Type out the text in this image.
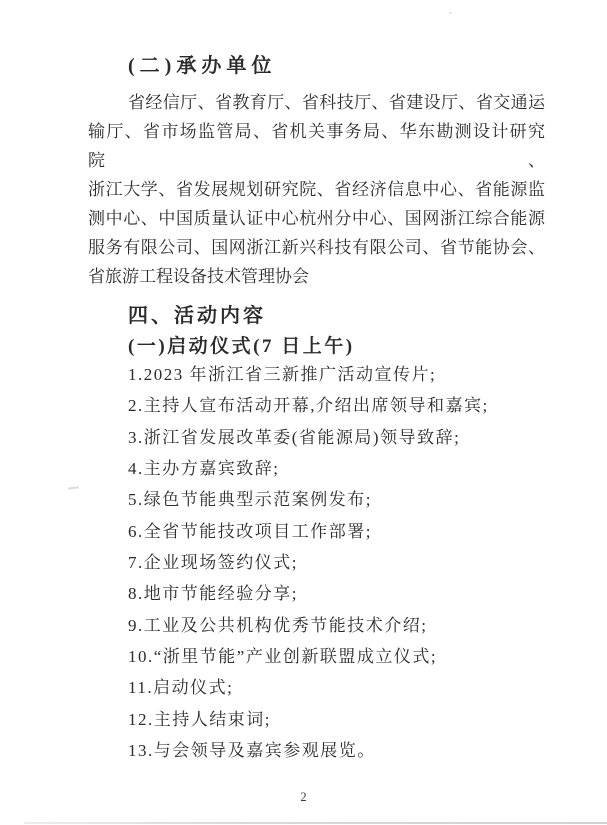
(二)承办单位
省经信厅、省教育厅、省科技厅、省建设厅、省交通运
输厅、省市场监管局、省机关事务局、华东勘测设计研究院、
浙江大学、省发展规划研究院、省经济信息中心、省能源监
测中心、中国质量认证中心杭州分中心、国网浙江综合能源
服务有限公司、国网浙江新兴科技有限公司、省节能协会、
省旅游工程设备技术管理协会
四、活动内容
(一)启动仪式(7 日上午)
1.2023 年浙江省三新推广活动宣传片;
2.主持人宣布活动开幕,介绍出席领导和嘉宾;
3.浙江省发展改革委(省能源局)领导致辞;
4.主办方嘉宾致辞;
5.绿色节能典型示范案例发布;
6.全省节能技改项目工作部署;
7.企业现场签约仪式;
8.地市节能经验分享;
9.工业及公共机构优秀节能技术介绍;
10.“浙里节能”产业创新联盟成立仪式;
11.启动仪式;
12.主持人结束词;
13.与会领导及嘉宾参观展览。
2
